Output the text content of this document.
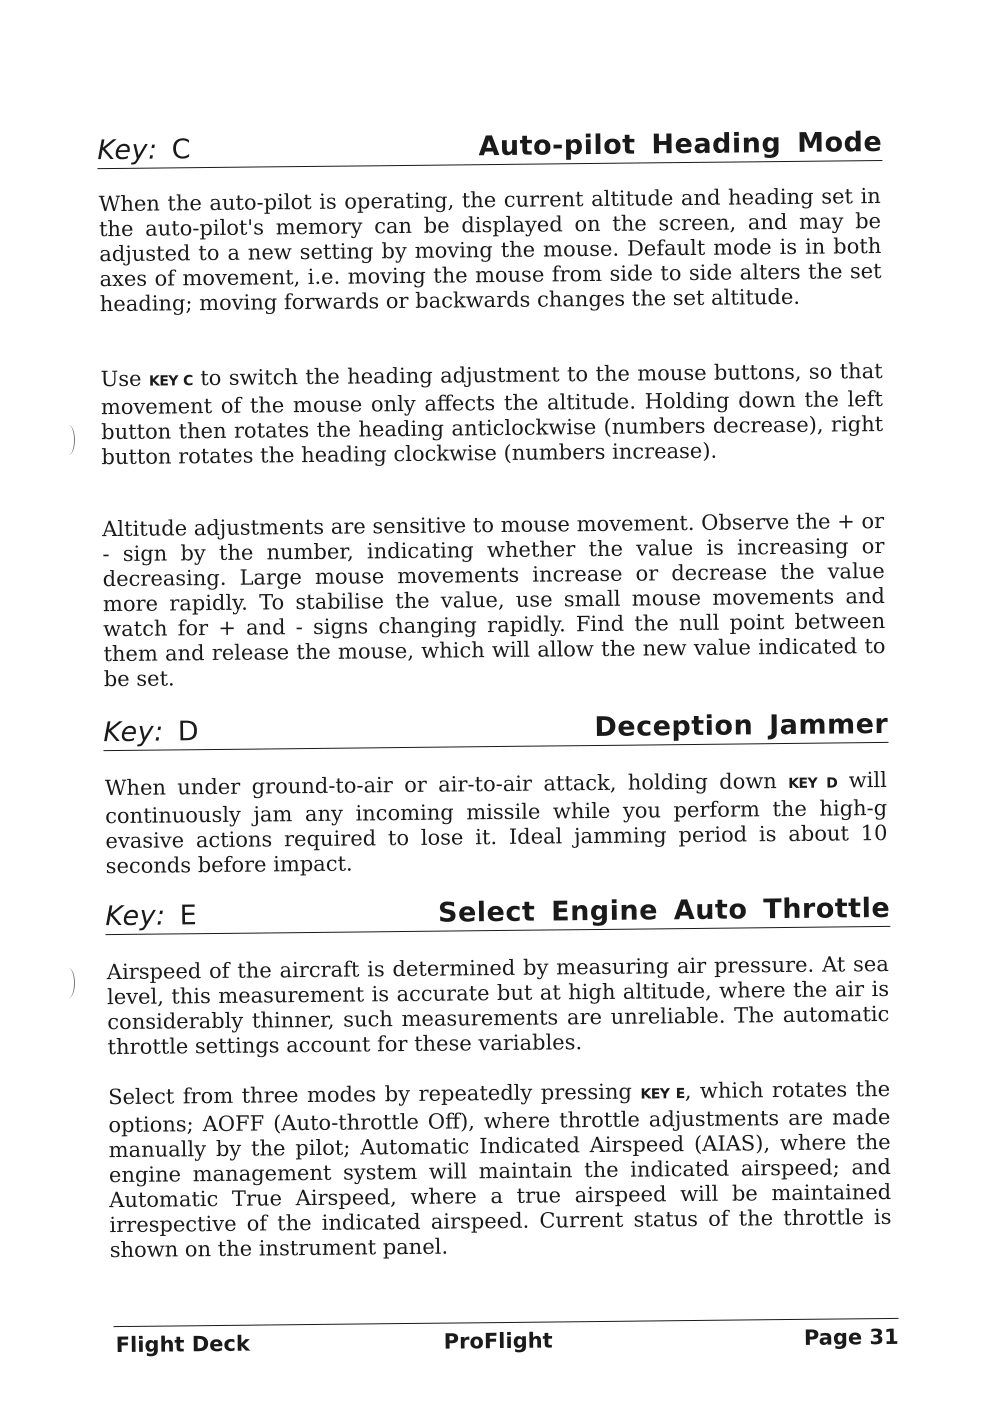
Key: C	Auto-pilot Heading Mode

When the auto-pilot is operating, the current altitude and heading set in the auto-pilot's memory can be displayed on the screen, and may be adjusted to a new setting by moving the mouse. Default mode is in both axes of movement, i.e. moving the mouse from side to side alters the set heading; moving forwards or backwards changes the set altitude.

Use KEY C to switch the heading adjustment to the mouse buttons, so that movement of the mouse only affects the altitude. Holding down the left button then rotates the heading anticlockwise (numbers decrease), right button rotates the heading clockwise (numbers increase).

Altitude adjustments are sensitive to mouse movement. Observe the + or - sign by the number, indicating whether the value is increasing or decreasing. Large mouse movements increase or decrease the value more rapidly. To stabilise the value, use small mouse movements and watch for + and - signs changing rapidly. Find the null point between them and release the mouse, which will allow the new value indicated to be set.

Key: D	Deception Jammer

When under ground-to-air or air-to-air attack, holding down KEY D will continuously jam any incoming missile while you perform the high-g evasive actions required to lose it. Ideal jamming period is about 10 seconds before impact.

Key: E	Select Engine Auto Throttle

Airspeed of the aircraft is determined by measuring air pressure. At sea level, this measurement is accurate but at high altitude, where the air is considerably thinner, such measurements are unreliable. The automatic throttle settings account for these variables.

Select from three modes by repeatedly pressing KEY E, which rotates the options; AOFF (Auto-throttle Off), where throttle adjustments are made manually by the pilot; Automatic Indicated Airspeed (AIAS), where the engine management system will maintain the indicated airspeed; and Automatic True Airspeed, where a true airspeed will be maintained irrespective of the indicated airspeed. Current status of the throttle is shown on the instrument panel.

Flight Deck	ProFlight	Page 31
